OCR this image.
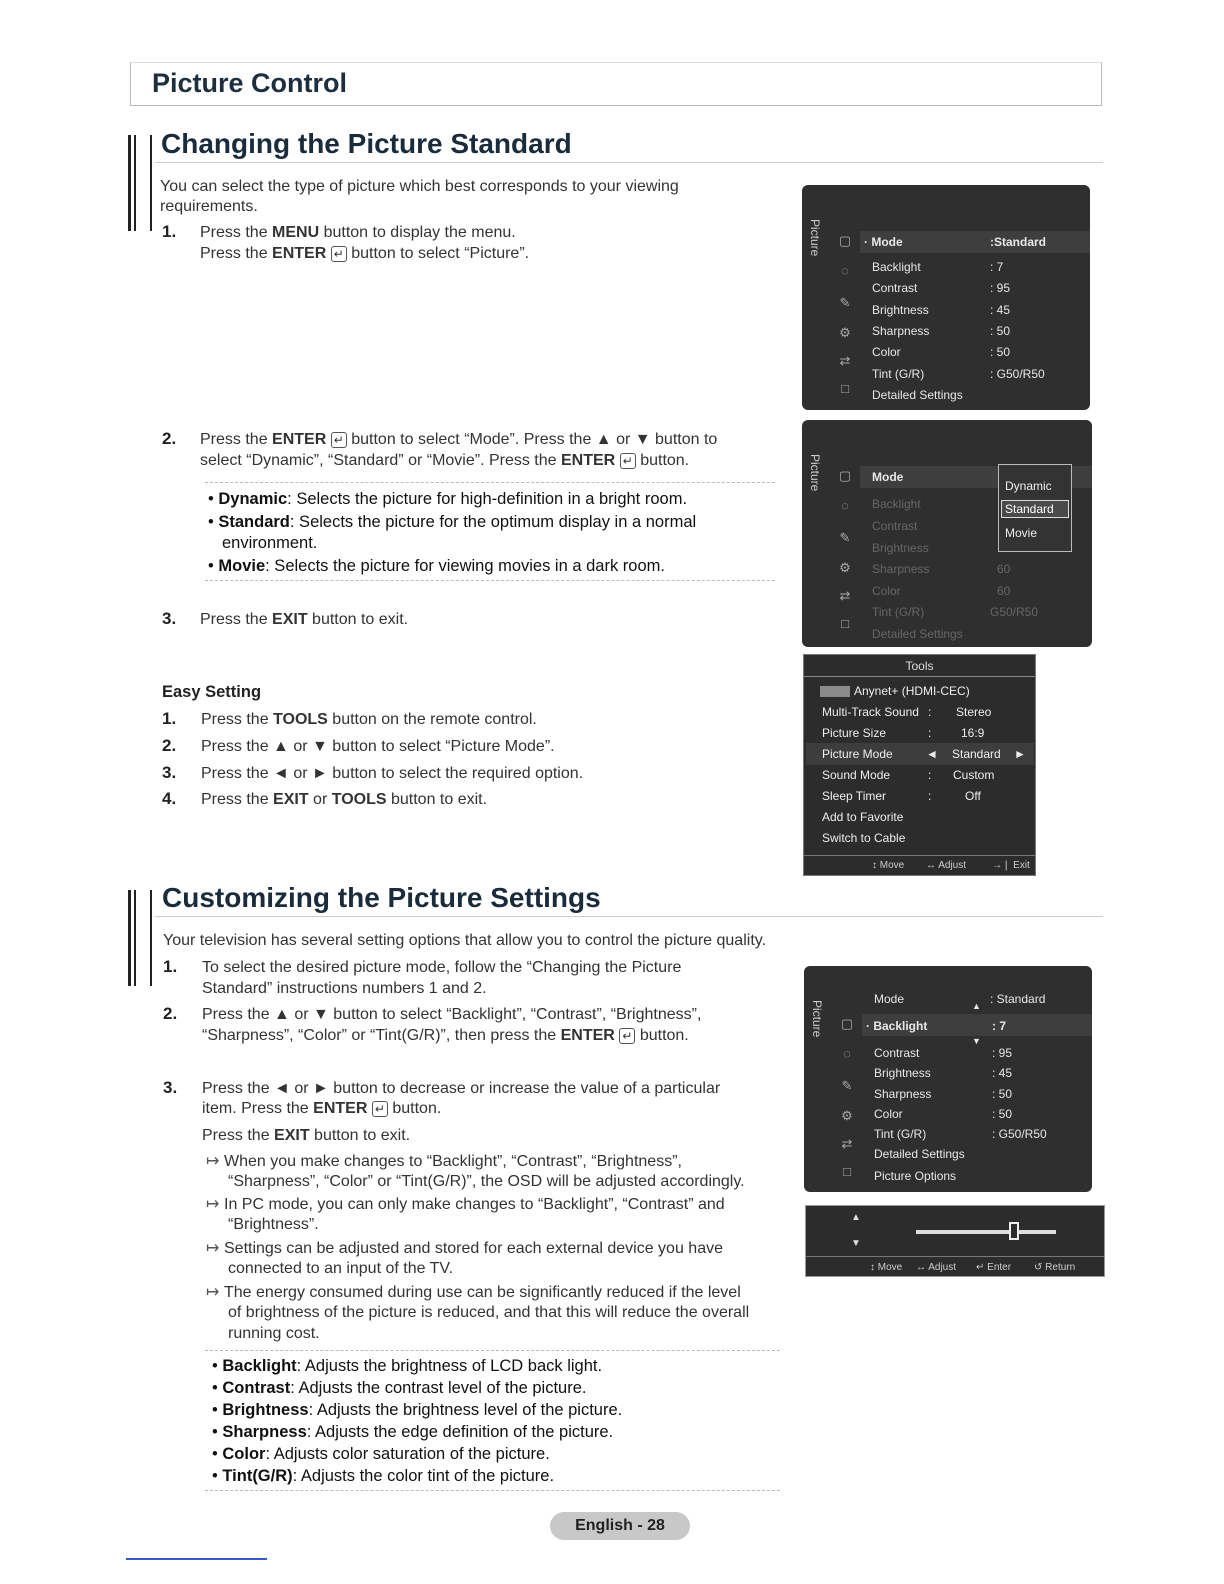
Picture Control
Changing the Picture Standard
You can select the type of picture which best corresponds to your viewing
requirements.
1. Press the MENU button to display the menu.
Press the ENTER ↵ button to select “Picture”.
2. Press the ENTER ↵ button to select “Mode”. Press the ▲ or ▼ button to
select “Dynamic”, “Standard” or “Movie”. Press the ENTER ↵ button.
• Dynamic: Selects the picture for high-definition in a bright room.
• Standard: Selects the picture for the optimum display in a normal
environment.
• Movie: Selects the picture for viewing movies in a dark room.
3. Press the EXIT button to exit.
Easy Setting
1. Press the TOOLS button on the remote control.
2. Press the ▲ or ▼ button to select “Picture Mode”.
3. Press the ◄ or ► button to select the required option.
4. Press the EXIT or TOOLS button to exit.
Picture ▢
◌
✎
⚙
⇄
□
· Mode	:Standard
Backlight	: 7
Contrast	: 95
Brightness	: 45
Sharpness	: 50
Color	: 50
Tint (G/R)	: G50/R50
Detailed Settings
Picture ▢
◌
✎
⚙
⇄
□
Mode
Backlight
Contrast
Brightness
Sharpness	60
Color	60
Tint (G/R)	G50/R50
Detailed Settings
Dynamic
Standard
Movie
Tools
Anynet+ (HDMI-CEC)
Multi-Track Sound : Stereo
Picture Size	: 16:9
Picture Mode	◄ Standard ►
Sound Mode	: Custom
Sleep Timer	:	Off
Add to Favorite
Switch to Cable
↕ Move ↔ Adjust	→❘ Exit
Customizing the Picture Settings
Your television has several setting options that allow you to control the picture quality.
1. To select the desired picture mode, follow the “Changing the Picture
Standard” instructions numbers 1 and 2.
2. Press the ▲ or ▼ button to select “Backlight”, “Contrast”, “Brightness”,
“Sharpness”, “Color” or “Tint(G/R)”, then press the ENTER ↵ button.
3. Press the ◄ or ► button to decrease or increase the value of a particular
item. Press the ENTER ↵ button.
Press the EXIT button to exit.
↦ When you make changes to “Backlight”, “Contrast”, “Brightness”,
“Sharpness”, “Color” or “Tint(G/R)”, the OSD will be adjusted accordingly.
↦ In PC mode, you can only make changes to “Backlight”, “Contrast” and
“Brightness”.
↦ Settings can be adjusted and stored for each external device you have
connected to an input of the TV.
↦ The energy consumed during use can be significantly reduced if the level
of brightness of the picture is reduced, and that this will reduce the overall
running cost.
• Backlight: Adjusts the brightness of LCD back light.
• Contrast: Adjusts the contrast level of the picture.
• Brightness: Adjusts the brightness level of the picture.
• Sharpness: Adjusts the edge definition of the picture.
• Color: Adjusts color saturation of the picture.
• Tint(G/R): Adjusts the color tint of the picture.
Picture ▢
◌
✎
⚙
⇄
□
Mode	: Standard
▲
· Backlight	: 7
▼
Contrast	: 95
Brightness	: 45
Sharpness	: 50
Color	: 50
Tint (G/R)	: G50/R50
Detailed Settings
Picture Options
▲
▼
↕ Move ↔ Adjust ↵ Enter ↺ Return
English - 28
